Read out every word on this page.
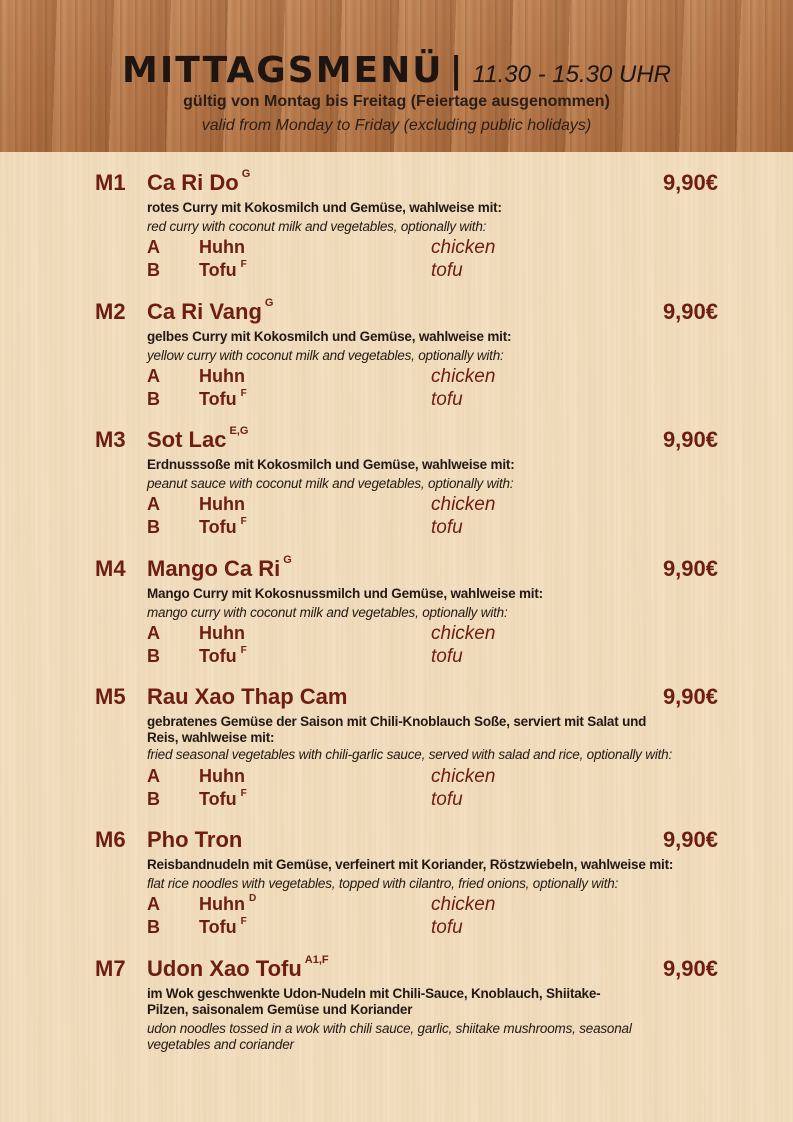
MITTAGSMENÜ | 11.30 - 15.30 UHR
gültig von Montag bis Freitag (Feiertage ausgenommen)
valid from Monday to Friday (excluding public holidays)
M1 Ca Ri Do $^G$	9,90€
rotes Curry mit Kokosmilch und Gemüse, wahlweise mit:
red curry with coconut milk and vegetables, optionally with:
A Huhn	chicken
B Tofu $^F$	tofu
M2 Ca Ri Vang $^G$	9,90€
gelbes Curry mit Kokosmilch und Gemüse, wahlweise mit:
yellow curry with coconut milk and vegetables, optionally with:
A Huhn	chicken
B Tofu $^F$	tofu
M3 Sot Lac $^{E,G}$	9,90€
Erdnusssoße mit Kokosmilch und Gemüse, wahlweise mit:
peanut sauce with coconut milk and vegetables, optionally with:
A Huhn	chicken
B Tofu $^F$	tofu
M4 Mango Ca Ri $^G$	9,90€
Mango Curry mit Kokosnussmilch und Gemüse, wahlweise mit:
mango curry with coconut milk and vegetables, optionally with:
A Huhn	chicken
B Tofu $^F$	tofu
M5 Rau Xao Thap Cam	9,90€
gebratenes Gemüse der Saison mit Chili-Knoblauch Soße, serviert mit Salat und Reis, wahlweise mit:
fried seasonal vegetables with chili-garlic sauce, served with salad and rice, optionally with:
A Huhn	chicken
B Tofu $^F$	tofu
M6 Pho Tron	9,90€
Reisbandnudeln mit Gemüse, verfeinert mit Koriander, Röstzwiebeln, wahlweise mit:
flat rice noodles with vegetables, topped with cilantro, fried onions, optionally with:
A Huhn $^D$	chicken
B Tofu $^F$	tofu
M7 Udon Xao Tofu $^{A1,F}$	9,90€
im Wok geschwenkte Udon-Nudeln mit Chili-Sauce, Knoblauch, Shiitake-Pilzen, saisonalem Gemüse und Koriander
udon noodles tossed in a wok with chili sauce, garlic, shiitake mushrooms, seasonal vegetables and coriander
